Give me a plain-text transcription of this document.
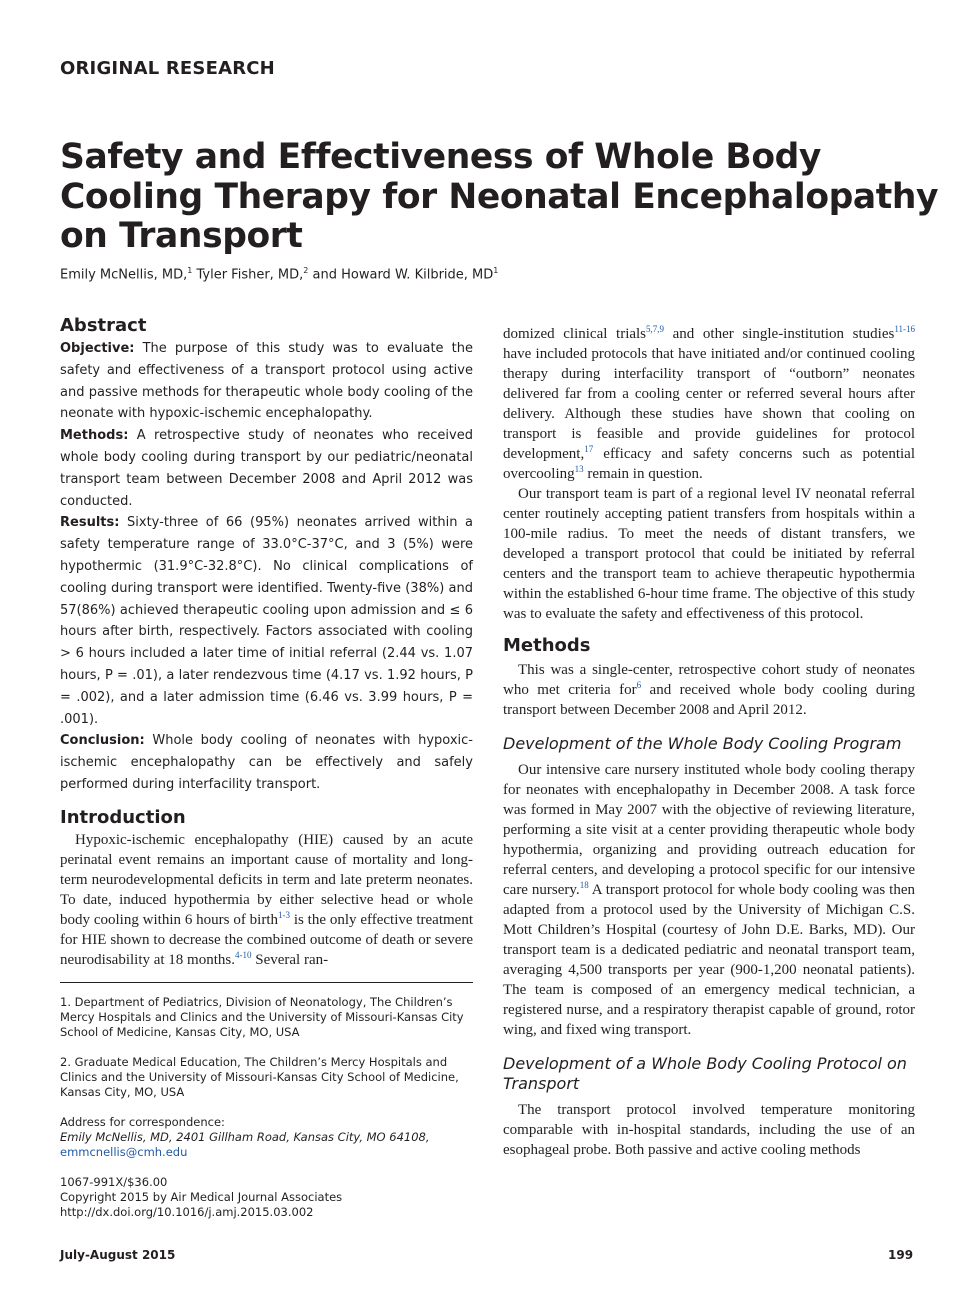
ORIGINAL RESEARCH
Safety and Effectiveness of Whole Body Cooling Therapy for Neonatal Encephalopathy on Transport
Emily McNellis, MD,$^1$ Tyler Fisher, MD,$^2$ and Howard W. Kilbride, $MD^1$
Abstract

Objective: The purpose of this study was to evaluate the safety and effectiveness of a transport protocol using active and passive methods for therapeutic whole body cooling of the neonate with hypoxic-ischemic encephalopathy.

Methods: A retrospective study of neonates who received whole body cooling during transport by our pediatric/neonatal transport team between December 2008 and April 2012 was conducted.

Results: Sixty-three of 66 (95%) neonates arrived within a safety temperature range of 33.0°C-37°C, and 3 (5%) were hypothermic (31.9°C-32.8°C). No clinical complications of cooling during transport were identified. Twenty-five (38%) and 57(86%) achieved therapeutic cooling upon admission and ≤ 6 hours after birth, respectively. Factors associated with cooling > 6 hours included a later time of initial referral (2.44 vs. 1.07 hours, P = .01), a later rendezvous time (4.17 vs. 1.92 hours, P = .002), and a later admission time (6.46 vs. 3.99 hours, P = .001).

Conclusion: Whole body cooling of neonates with hypoxic-ischemic encephalopathy can be effectively and safely performed during interfacility transport.

Introduction

Hypoxic-ischemic encephalopathy (HIE) caused by an acute perinatal event remains an important cause of mortality and long-term neurodevelopmental deficits in term and late preterm neonates. To date, induced hypothermia by either selective head or whole body cooling within 6 hours of birth$^{1-3}$ is the only effective treatment for HIE shown to decrease the combined outcome of death or severe neurodisability at 18 months.$^{4-10}$ Several ran-

1. Department of Pediatrics, Division of Neonatology, The Children’s Mercy Hospitals and Clinics and the University of Missouri-Kansas City School of Medicine, Kansas City, MO, USA

2. Graduate Medical Education, The Children’s Mercy Hospitals and Clinics and the University of Missouri-Kansas City School of Medicine, Kansas City, MO, USA

Address for correspondence:

Emily McNellis, MD, 2401 Gillham Road, Kansas City, MO 64108,

emmcnellis@cmh.edu

1067-991X/$36.00

Copyright 2015 by Air Medical Journal Associates

http://dx.doi.org/10.1016/j.amj.2015.03.002

domized clinical trials$^{5,7,9}$ and other single-institution studies$^{11-16}$ have included protocols that have initiated and/or continued cooling therapy during interfacility transport of “outborn” neonates delivered far from a cooling center or referred several hours after delivery. Although these studies have shown that cooling on transport is feasible and provide guidelines for protocol development,$^{17}$ efficacy and safety concerns such as potential overcooling$^{13}$ remain in question.

Our transport team is part of a regional level IV neonatal referral center routinely accepting patient transfers from hospitals within a 100-mile radius. To meet the needs of distant transfers, we developed a transport protocol that could be initiated by referral centers and the transport team to achieve therapeutic hypothermia within the established 6-hour time frame. The objective of this study was to evaluate the safety and effectiveness of this protocol.

Methods

This was a single-center, retrospective cohort study of neonates who met criteria for$^6$ and received whole body cooling during transport between December 2008 and April 2012.

Development of the Whole Body Cooling Program

Our intensive care nursery instituted whole body cooling therapy for neonates with encephalopathy in December 2008. A task force was formed in May 2007 with the objective of reviewing literature, performing a site visit at a center providing therapeutic whole body hypothermia, organizing and providing outreach education for referral centers, and developing a protocol specific for our intensive care nursery.$^{18}$ A transport protocol for whole body cooling was then adapted from a protocol used by the University of Michigan C.S. Mott Children’s Hospital (courtesy of John D.E. Barks, MD). Our transport team is a dedicated pediatric and neonatal transport team, averaging 4,500 transports per year (900-1,200 neonatal patients). The team is composed of an emergency medical technician, a registered nurse, and a respiratory therapist capable of ground, rotor wing, and fixed wing transport.

Development of a Whole Body Cooling Protocol on Transport

The transport protocol involved temperature monitoring comparable with in-hospital standards, including the use of an esophageal probe. Both passive and active cooling methods

July-August 2015	199
